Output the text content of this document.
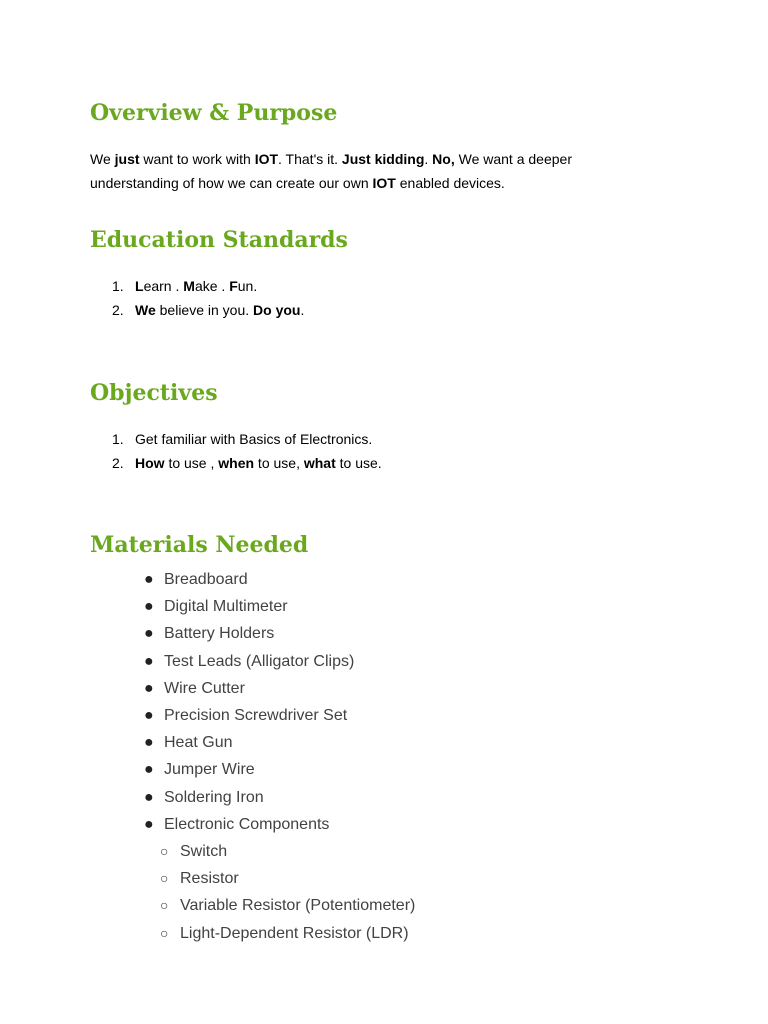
Overview & Purpose

We just want to work with IOT. That's it. Just kidding. No, We want a deeper
understanding of how we can create our own IOT enabled devices.

Education Standards
1. Learn . Make . Fun.
2. We believe in you. Do you.
Objectives
1. Get familiar with Basics of Electronics.
2. How to use , when to use, what to use.
Materials Needed
● Breadboard
● Digital Multimeter
● Battery Holders
● Test Leads (Alligator Clips)
● Wire Cutter
● Precision Screwdriver Set
● Heat Gun
● Jumper Wire
● Soldering Iron
● Electronic Components
○ Switch
○ Resistor
○ Variable Resistor (Potentiometer)
○ Light-Dependent Resistor (LDR)
